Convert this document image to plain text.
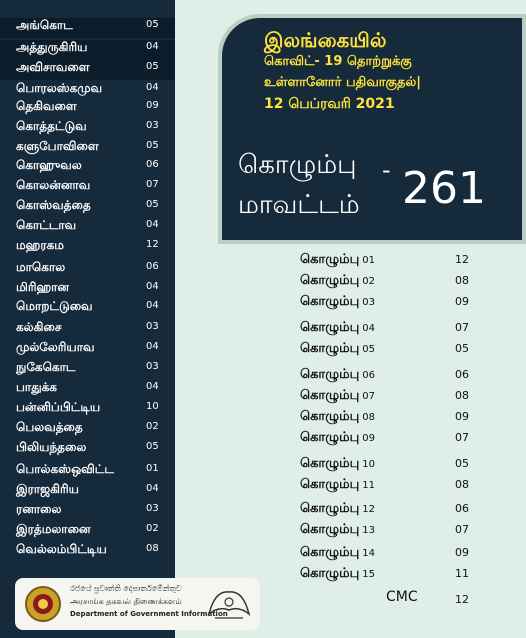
அங்கொட	05
அத்துருகிரிய	04
அவிசாவளை	05
பொரலஸ்கமுவ	04
தெகிவளை	09
கொத்தட்டுவ	03
களுபோவிளை	05
கொஹுவல	06
கொலன்னாவ	07
கொஸ்வத்தை	05
கொட்டாவ	04
மஹரகம	12
மாகொல	06
மிரிஹான	04
மொறட்டுவை	04
கல்கிசை	03
முல்லேரியாவ	04
நுகேகொட	03
பாதுக்க	04
பன்னிப்பிட்டிய	10
பெலவத்தை	02
பிலியந்தலை	05
பொல்கஸ்ஒவிட்ட	01
இராஜகிரிய	04
ரனாலை	03
இரத்மலானை	02
வெல்லம்பிட்டிய	08
இலங்கையில்
கொவிட்- 19 தொற்றுக்கு
உள்ளானோர் பதிவாகுதல்|
12 பெப்ரவரி 2021
கொழும்பு -
மாவட்டம் 261
கொழும்பு 01	12
கொழும்பு 02	08
கொழும்பு 03	09
கொழும்பு 04	07
கொழும்பு 05	05
கொழும்பு 06	06
கொழும்பு 07	08
கொழும்பு 08	09
கொழும்பு 09	07
கொழும்பு 10	05
கொழும்பு 11	08
கொழும்பு 12	06
கொழும்பு 13	07
கொழும்பு 14	09
கொழும்பு 15	11
CMC	12
රජයේ ප්‍රවෘත්ති දෙපාර්තමේන්තුව
அரசாங்க தகவல் திணைக்களம்
Department of Government Information
